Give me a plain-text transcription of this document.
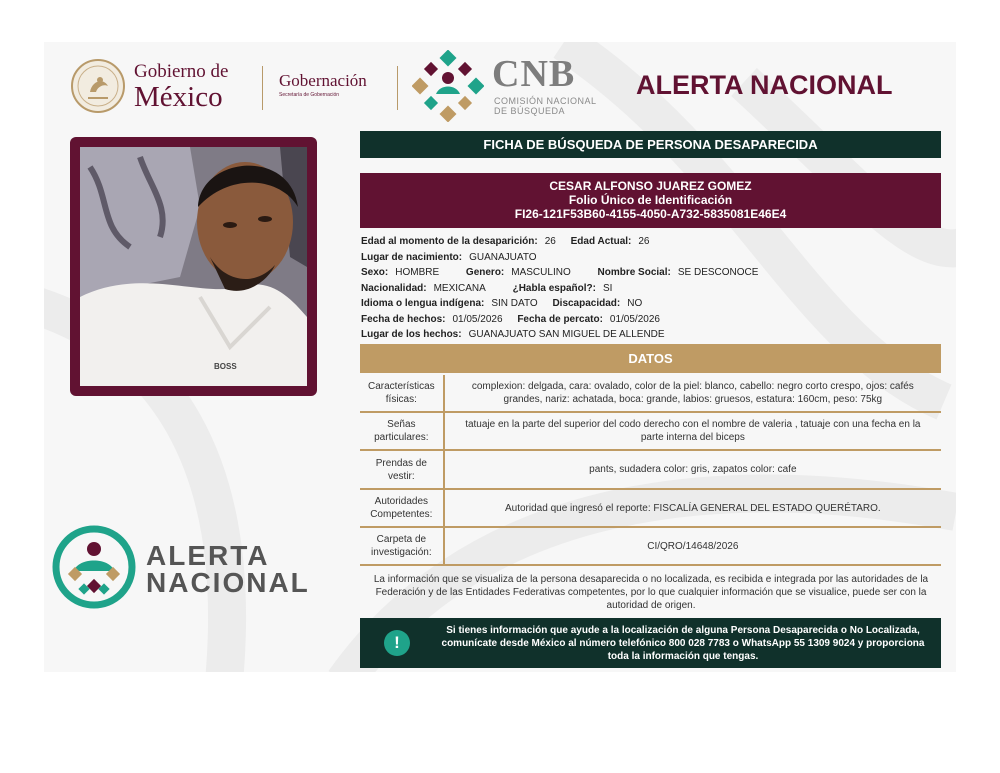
Gobierno de
México
Gobernación
Secretaría de Gobernación	CNB
COMISIÓN NACIONAL
DE BÚSQUEDA
ALERTA NACIONAL
BOSS
ALERTA
NACIONAL
FICHA DE BÚSQUEDA DE PERSONA DESAPARECIDA
CESAR ALFONSO JUAREZ GOMEZ
Folio Único de Identificación
FI26-121F53B60-4155-4050-A732-5835081E46E4
Edad al momento de la desaparición: 26 Edad Actual: 26
Lugar de nacimiento: GUANAJUATO
Sexo: HOMBRE	Genero: MASCULINO	Nombre Social: SE DESCONOCE
Nacionalidad: MEXICANA	¿Habla español?: SI
Idioma o lengua indígena: SIN DATO Discapacidad: NO
Fecha de hechos: 01/05/2026 Fecha de percato: 01/05/2026
Lugar de los hechos: GUANAJUATO SAN MIGUEL DE ALLENDE
DATOS
Características físicas:	complexion: delgada, cara: ovalado, color de la piel: blanco, cabello: negro corto crespo, ojos: cafés grandes, nariz: achatada, boca: grande, labios: gruesos, estatura: 160cm, peso: 75kg
Señas particulares:	tatuaje en la parte del superior del codo derecho con el nombre de valeria , tatuaje con una fecha en la parte interna del biceps
Prendas de vestir:	pants, sudadera color: gris, zapatos color: cafe
Autoridades Competentes:	Autoridad que ingresó el reporte: FISCALÍA GENERAL DEL ESTADO QUERÉTARO.
Carpeta de investigación:	CI/QRO/14648/2026
La información que se visualiza de la persona desaparecida o no localizada, es recibida e integrada por las autoridades de la Federación y de las Entidades Federativas competentes, por lo que cualquier información que se visualice, puede ser con la autoridad de origen.
!
Si tienes información que ayude a la localización de alguna Persona Desaparecida o No Localizada, comunícate desde México al número telefónico 800 028 7783 o WhatsApp 55 1309 9024 y proporciona toda la información que tengas.
